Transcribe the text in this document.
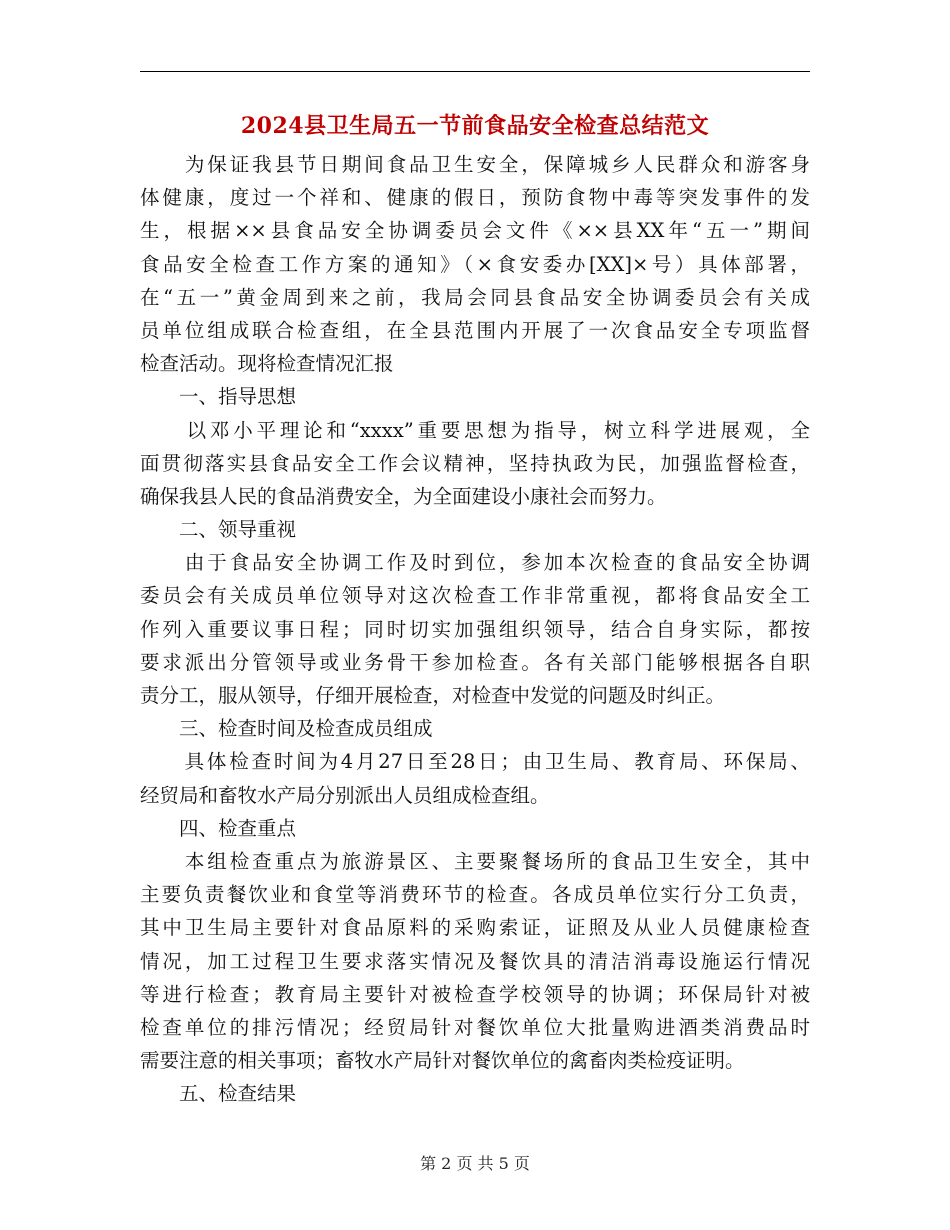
2024县卫生局五一节前食品安全检查总结范文
　　为保证我县节日期间食品卫生安全，保障城乡人民群众和游客身
体健康，度过一个祥和、健康的假日，预防食物中毒等突发事件的发
生，根据××县食品安全协调委员会文件《××县XX年“五一”期间
食品安全检查工作方案的通知》（×食安委办[XX]×号）具体部署，
在“五一”黄金周到来之前，我局会同县食品安全协调委员会有关成
员单位组成联合检查组，在全县范围内开展了一次食品安全专项监督
检查活动。现将检查情况汇报
　　一、指导思想
　　以邓小平理论和“xxxx”重要思想为指导，树立科学进展观，全
面贯彻落实县食品安全工作会议精神，坚持执政为民，加强监督检查，
确保我县人民的食品消费安全，为全面建设小康社会而努力。
　　二、领导重视
　　由于食品安全协调工作及时到位，参加本次检查的食品安全协调
委员会有关成员单位领导对这次检查工作非常重视，都将食品安全工
作列入重要议事日程；同时切实加强组织领导，结合自身实际，都按
要求派出分管领导或业务骨干参加检查。各有关部门能够根据各自职
责分工，服从领导，仔细开展检查，对检查中发觉的问题及时纠正。
　　三、检查时间及检查成员组成
　　具体检查时间为4月27日至28日；由卫生局、教育局、环保局、
经贸局和畜牧水产局分别派出人员组成检查组。
　　四、检查重点
　　本组检查重点为旅游景区、主要聚餐场所的食品卫生安全，其中
主要负责餐饮业和食堂等消费环节的检查。各成员单位实行分工负责，
其中卫生局主要针对食品原料的采购索证，证照及从业人员健康检查
情况，加工过程卫生要求落实情况及餐饮具的清洁消毒设施运行情况
等进行检查；教育局主要针对被检查学校领导的协调；环保局针对被
检查单位的排污情况；经贸局针对餐饮单位大批量购进酒类消费品时
需要注意的相关事项；畜牧水产局针对餐饮单位的禽畜肉类检疫证明。
　　五、检查结果
第 2 页 共 5 页
